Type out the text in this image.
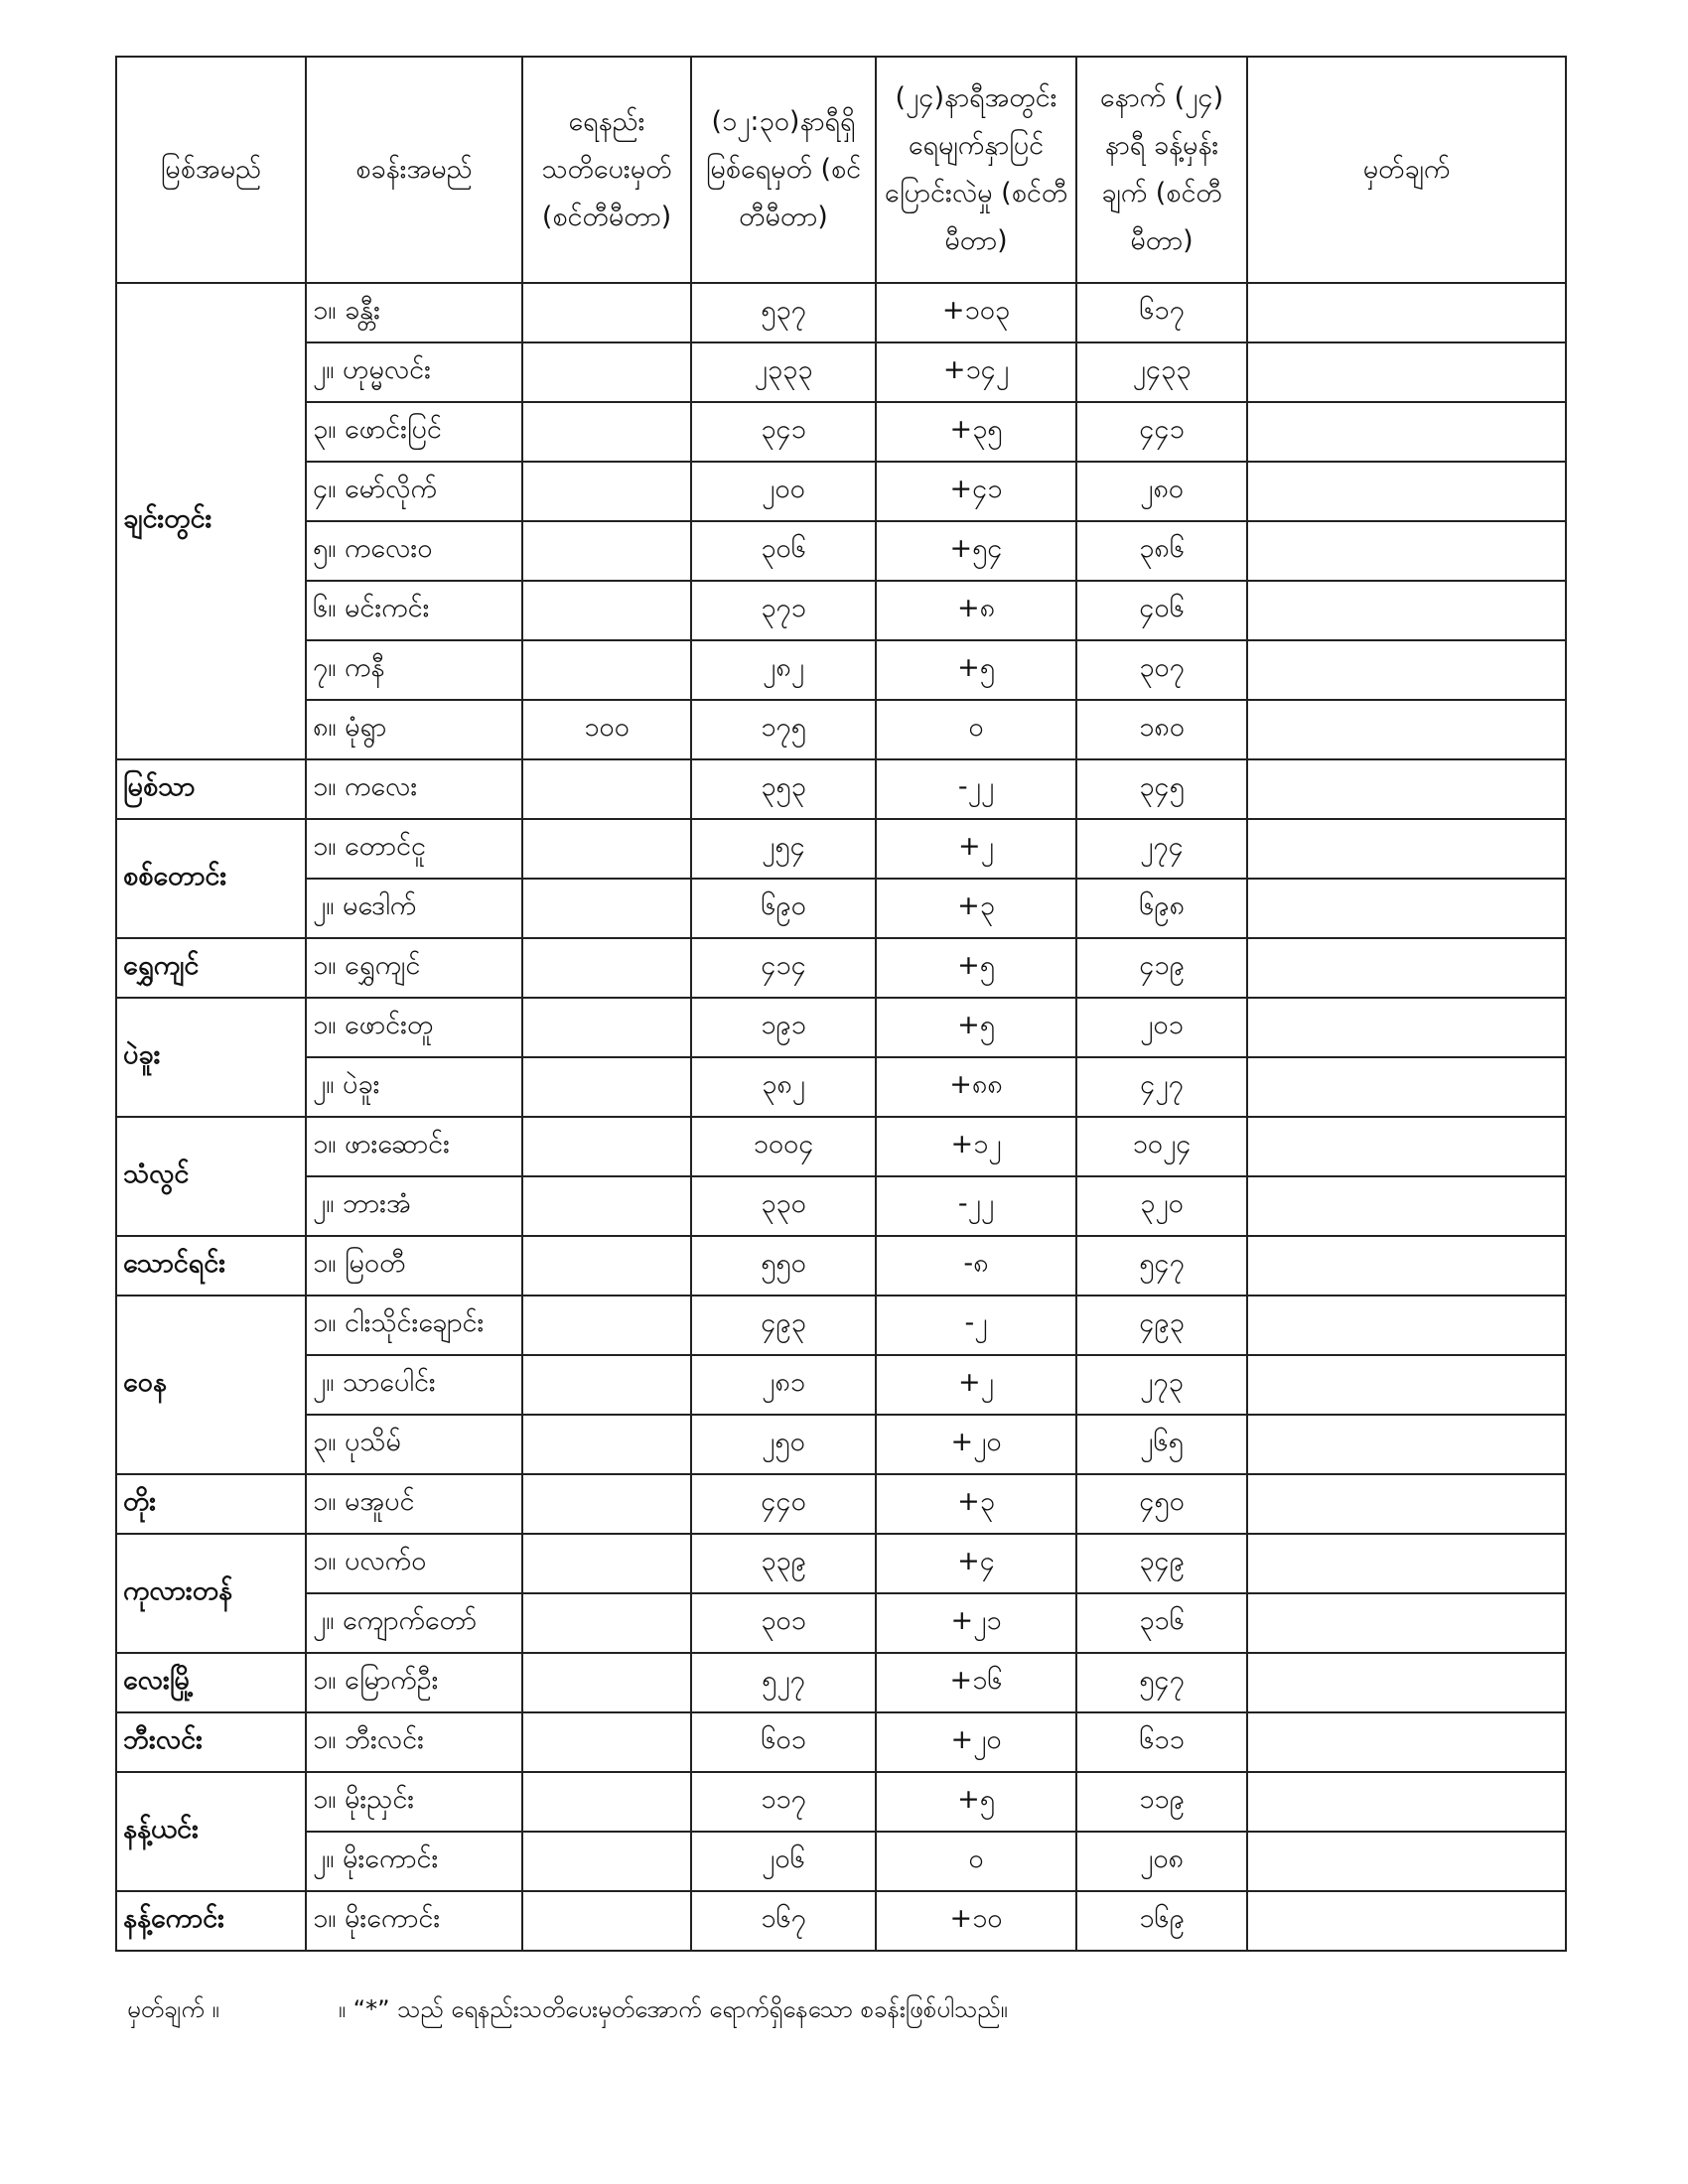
မြစ်အမည်	စခန်းအမည်	ရေနည်း သတိပေးမှတ် (စင်တီမီတာ)	(၁၂:၃၀)နာရီရှိ မြစ်ရေမှတ် (စင်တီမီတာ)	(၂၄)နာရီအတွင်း ရေမျက်နှာပြင် ပြောင်းလဲမှု (စင်တီမီတာ)	နောက် (၂၄) နာရီ ခန့်မှန်းချက် (စင်တီမီတာ)	မှတ်ချက်
ချင်းတွင်း	၁။ ခန္တီး		၅၃၇	+၁၀၃	၆၁၇	
	၂။ ဟုမ္မလင်း		၂၃၃၃	+၁၄၂	၂၄၃၃	
	၃။ ဖောင်းပြင်		၃၄၁	+၃၅	၄၄၁	
	၄။ မော်လိုက်		၂၀၀	+၄၁	၂၈၀	
	၅။ ကလေးဝ		၃၀၆	+၅၄	၃၈၆	
	၆။ မင်းကင်း		၃၇၁	+၈	၄၀၆	
	၇။ ကနီ		၂၈၂	+၅	၃၀၇	
	၈။ မုံရွာ	၁၀၀	၁၇၅	၀	၁၈၀	
မြစ်သာ	၁။ ကလေး		၃၅၃	-၂၂	၃၄၅	
စစ်တောင်း	၁။ တောင်ငူ		၂၅၄	+၂	၂၇၄	
	၂။ မဒေါက်		၆၉၀	+၃	၆၉၈	
ရွှေကျင်	၁။ ရွှေကျင်		၄၁၄	+၅	၄၁၉	
ပဲခူး	၁။ ဖောင်းတူ		၁၉၁	+၅	၂၀၁	
	၂။ ပဲခူး		၃၈၂	+၈၈	၄၂၇	
သံလွင်	၁။ ဖားဆောင်း		၁၀၀၄	+၁၂	၁၀၂၄	
	၂။ ဘားအံ		၃၃၀	-၂၂	၃၂၀	
သောင်ရင်း	၁။ မြဝတီ		၅၅၀	-၈	၅၄၇	
ဝေန	၁။ ငါးသိုင်းချောင်း		၄၉၃	-၂	၄၉၃	
	၂။ သာပေါင်း		၂၈၁	+၂	၂၇၃	
	၃။ ပုသိမ်		၂၅၀	+၂၀	၂၆၅	
တိုး	၁။ မအူပင်		၄၄၀	+၃	၄၅၀	
ကုလားတန်	၁။ ပလက်ဝ		၃၃၉	+၄	၃၄၉	
	၂။ ကျောက်တော်		၃၀၁	+၂၁	၃၁၆	
လေးမြို့	၁။ မြောက်ဦး		၅၂၇	+၁၆	၅၄၇	
ဘီးလင်း	၁။ ဘီးလင်း		၆၀၁	+၂၀	၆၁၁	
နန့်ယင်း	၁။ မိုးညှင်း		၁၁၇	+၅	၁၁၉	
	၂။ မိုးကောင်း		၂၀၆	၀	၂၀၈	
နန့်ကောင်း	၁။ မိုးကောင်း		၁၆၇	+၁၀	၁၆၉	
မှတ်ချက် ။	။ “*” သည် ရေနည်းသတိပေးမှတ်အောက် ရောက်ရှိနေသော စခန်းဖြစ်ပါသည်။
